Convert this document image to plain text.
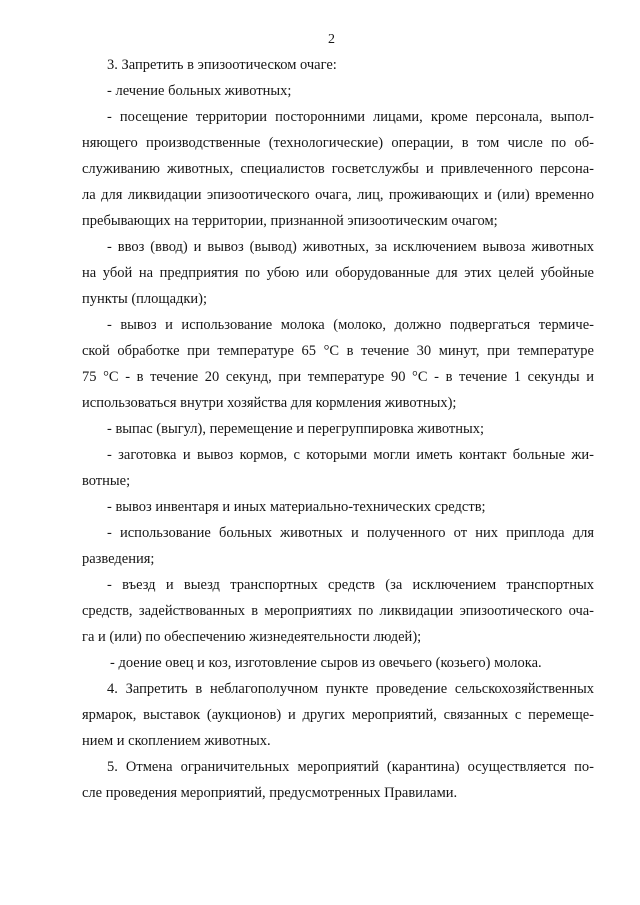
2
3. Запретить в эпизоотическом очаге:
- лечение больных животных;
- посещение территории посторонними лицами, кроме персонала, выпол-
няющего производственные (технологические) операции, в том числе по об-
служиванию животных, специалистов госветслужбы и привлеченного персона-
ла для ликвидации эпизоотического очага, лиц, проживающих и (или) временно
пребывающих на территории, признанной эпизоотическим очагом;
- ввоз (ввод) и вывоз (вывод) животных, за исключением вывоза животных
на убой на предприятия по убою или оборудованные для этих целей убойные
пункты (площадки);
- вывоз и использование молока (молоко, должно подвергаться термиче-
ской обработке при температуре 65 °С в течение 30 минут, при температуре
75 °С - в течение 20 секунд, при температуре 90 °С - в течение 1 секунды и
использоваться внутри хозяйства для кормления животных);
- выпас (выгул), перемещение и перегруппировка животных;
- заготовка и вывоз кормов, с которыми могли иметь контакт больные жи-
вотные;
- вывоз инвентаря и иных материально-технических средств;
- использование больных животных и полученного от них приплода для
разведения;
- въезд и выезд транспортных средств (за исключением транспортных
средств, задействованных в мероприятиях по ликвидации эпизоотического оча-
га и (или) по обеспечению жизнедеятельности людей);
- доение овец и коз, изготовление сыров из овечьего (козьего) молока.
4. Запретить в неблагополучном пункте проведение сельскохозяйственных
ярмарок, выставок (аукционов) и других мероприятий, связанных с перемеще-
нием и скоплением животных.
5. Отмена ограничительных мероприятий (карантина) осуществляется по-
сле проведения мероприятий, предусмотренных Правилами.
